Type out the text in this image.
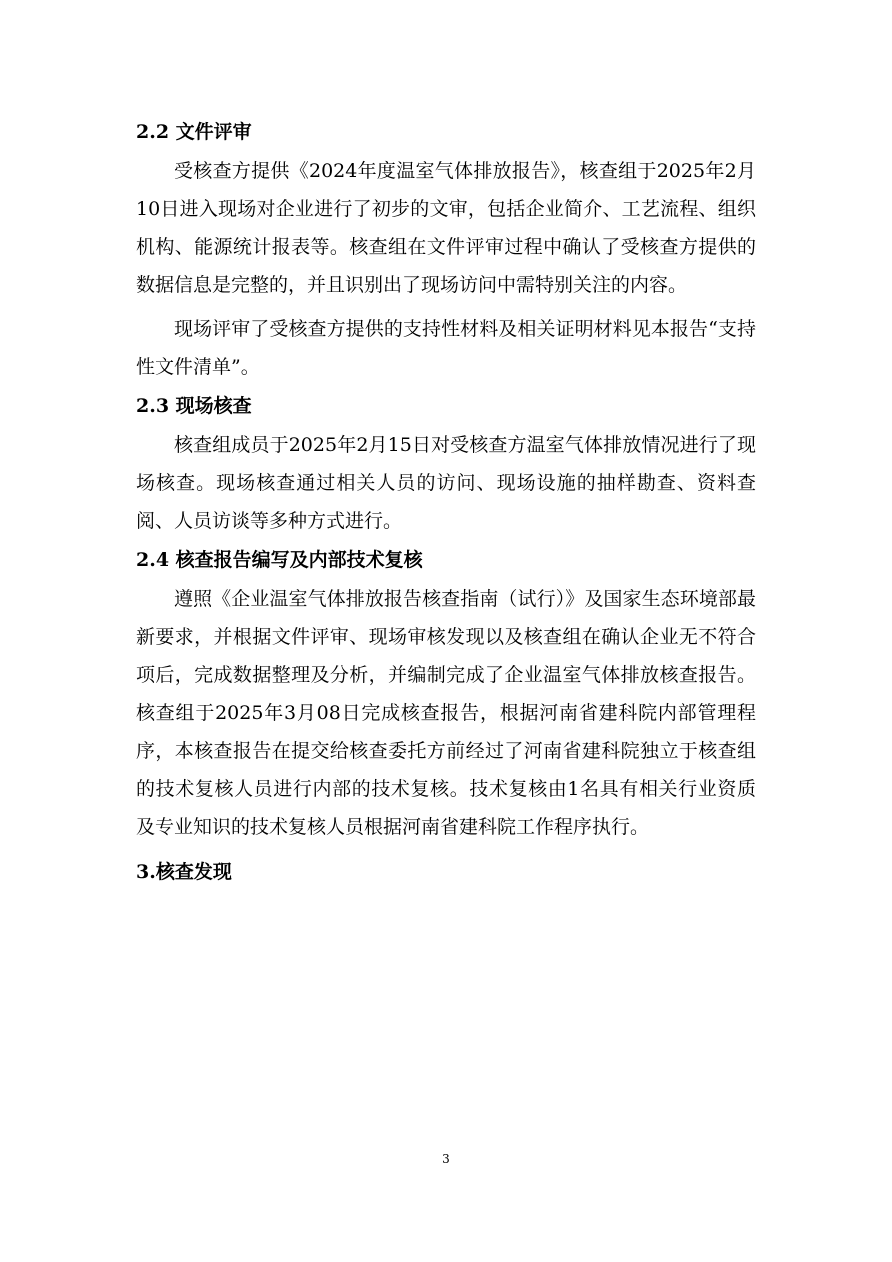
2.2 文件评审

受核查方提供《2024年度温室气体排放报告》，核查组于2025年2月10日进入现场对企业进行了初步的文审，包括企业简介、工艺流程、组织机构、能源统计报表等。核查组在文件评审过程中确认了受核查方提供的数据信息是完整的，并且识别出了现场访问中需特别关注的内容。

现场评审了受核查方提供的支持性材料及相关证明材料见本报告“支持性文件清单”。

2.3 现场核查

核查组成员于2025年2月15日对受核查方温室气体排放情况进行了现场核查。现场核查通过相关人员的访问、现场设施的抽样勘查、资料查阅、人员访谈等多种方式进行。

2.4 核查报告编写及内部技术复核

遵照《企业温室气体排放报告核查指南（试行）》及国家生态环境部最新要求，并根据文件评审、现场审核发现以及核查组在确认企业无不符合项后，完成数据整理及分析，并编制完成了企业温室气体排放核查报告。核查组于2025年3月08日完成核查报告，根据河南省建科院内部管理程序，本核查报告在提交给核查委托方前经过了河南省建科院独立于核查组的技术复核人员进行内部的技术复核。技术复核由1名具有相关行业资质及专业知识的技术复核人员根据河南省建科院工作程序执行。

3.核查发现
3
